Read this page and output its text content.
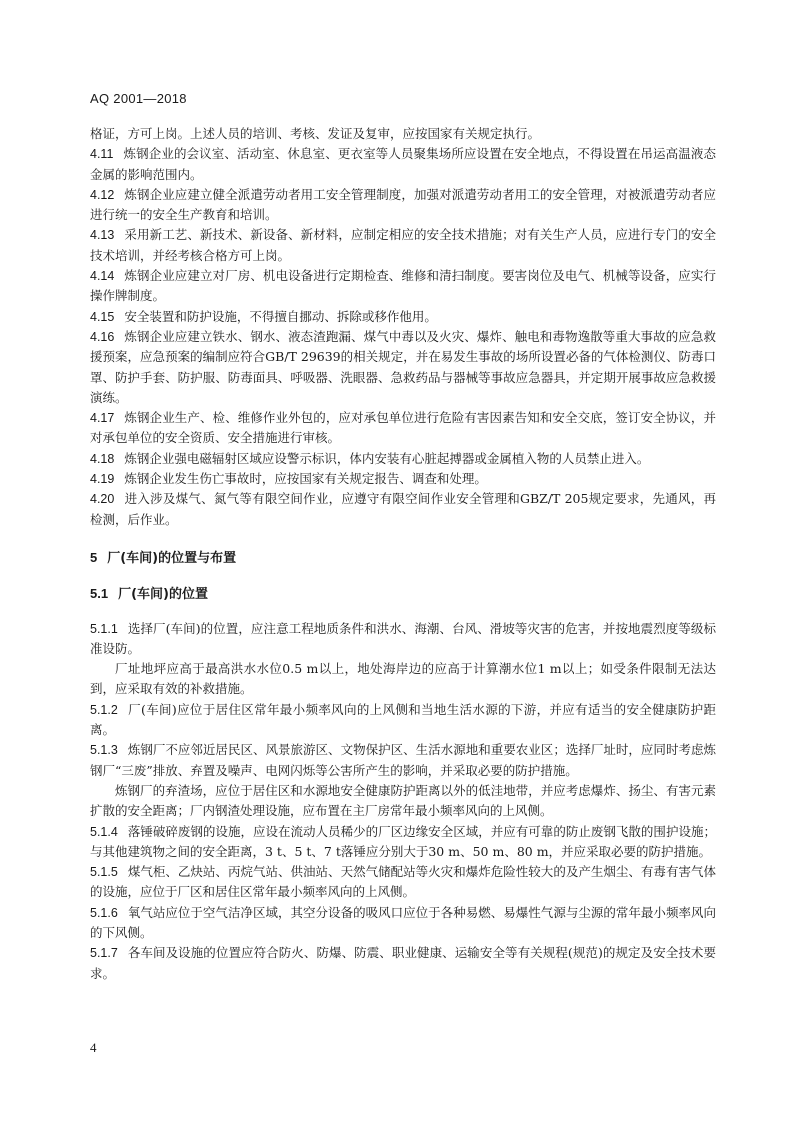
AQ 2001—2018

格证，方可上岗。上述人员的培训、考核、发证及复审，应按国家有关规定执行。

4.11 炼钢企业的会议室、活动室、休息室、更衣室等人员聚集场所应设置在安全地点，不得设置在吊运高温液态金属的影响范围内。

4.12 炼钢企业应建立健全派遣劳动者用工安全管理制度，加强对派遣劳动者用工的安全管理，对被派遣劳动者应进行统一的安全生产教育和培训。

4.13 采用新工艺、新技术、新设备、新材料，应制定相应的安全技术措施；对有关生产人员，应进行专门的安全技术培训，并经考核合格方可上岗。

4.14 炼钢企业应建立对厂房、机电设备进行定期检查、维修和清扫制度。要害岗位及电气、机械等设备，应实行操作牌制度。

4.15 安全装置和防护设施，不得擅自挪动、拆除或移作他用。

4.16 炼钢企业应建立铁水、钢水、液态渣跑漏、煤气中毒以及火灾、爆炸、触电和毒物逸散等重大事故的应急救援预案，应急预案的编制应符合GB/T 29639的相关规定，并在易发生事故的场所设置必备的气体检测仪、防毒口罩、防护手套、防护服、防毒面具、呼吸器、洗眼器、急救药品与器械等事故应急器具，并定期开展事故应急救援演练。

4.17 炼钢企业生产、检、维修作业外包的，应对承包单位进行危险有害因素告知和安全交底，签订安全协议，并对承包单位的安全资质、安全措施进行审核。

4.18 炼钢企业强电磁辐射区域应设警示标识，体内安装有心脏起搏器或金属植入物的人员禁止进入。

4.19 炼钢企业发生伤亡事故时，应按国家有关规定报告、调查和处理。

4.20 进入涉及煤气、氮气等有限空间作业，应遵守有限空间作业安全管理和GBZ/T 205规定要求，先通风，再检测，后作业。

5 厂(车间)的位置与布置
5.1 厂(车间)的位置

5.1.1 选择厂(车间)的位置，应注意工程地质条件和洪水、海潮、台风、滑坡等灾害的危害，并按地震烈度等级标准设防。

厂址地坪应高于最高洪水水位0.5 m以上，地处海岸边的应高于计算潮水位1 m以上；如受条件限制无法达到，应采取有效的补救措施。

5.1.2 厂(车间)应位于居住区常年最小频率风向的上风侧和当地生活水源的下游，并应有适当的安全健康防护距离。

5.1.3 炼钢厂不应邻近居民区、风景旅游区、文物保护区、生活水源地和重要农业区；选择厂址时，应同时考虑炼钢厂“三废”排放、弃置及噪声、电网闪烁等公害所产生的影响，并采取必要的防护措施。

炼钢厂的弃渣场，应位于居住区和水源地安全健康防护距离以外的低洼地带，并应考虑爆炸、扬尘、有害元素扩散的安全距离；厂内钢渣处理设施，应布置在主厂房常年最小频率风向的上风侧。

5.1.4 落锤破碎废钢的设施，应设在流动人员稀少的厂区边缘安全区域，并应有可靠的防止废钢飞散的围护设施；与其他建筑物之间的安全距离，3 t、5 t、7 t落锤应分别大于30 m、50 m、80 m，并应采取必要的防护措施。

5.1.5 煤气柜、乙炔站、丙烷气站、供油站、天然气储配站等火灾和爆炸危险性较大的及产生烟尘、有毒有害气体的设施，应位于厂区和居住区常年最小频率风向的上风侧。

5.1.6 氧气站应位于空气洁净区域，其空分设备的吸风口应位于各种易燃、易爆性气源与尘源的常年最小频率风向的下风侧。

5.1.7 各车间及设施的位置应符合防火、防爆、防震、职业健康、运输安全等有关规程(规范)的规定及安全技术要求。

4
